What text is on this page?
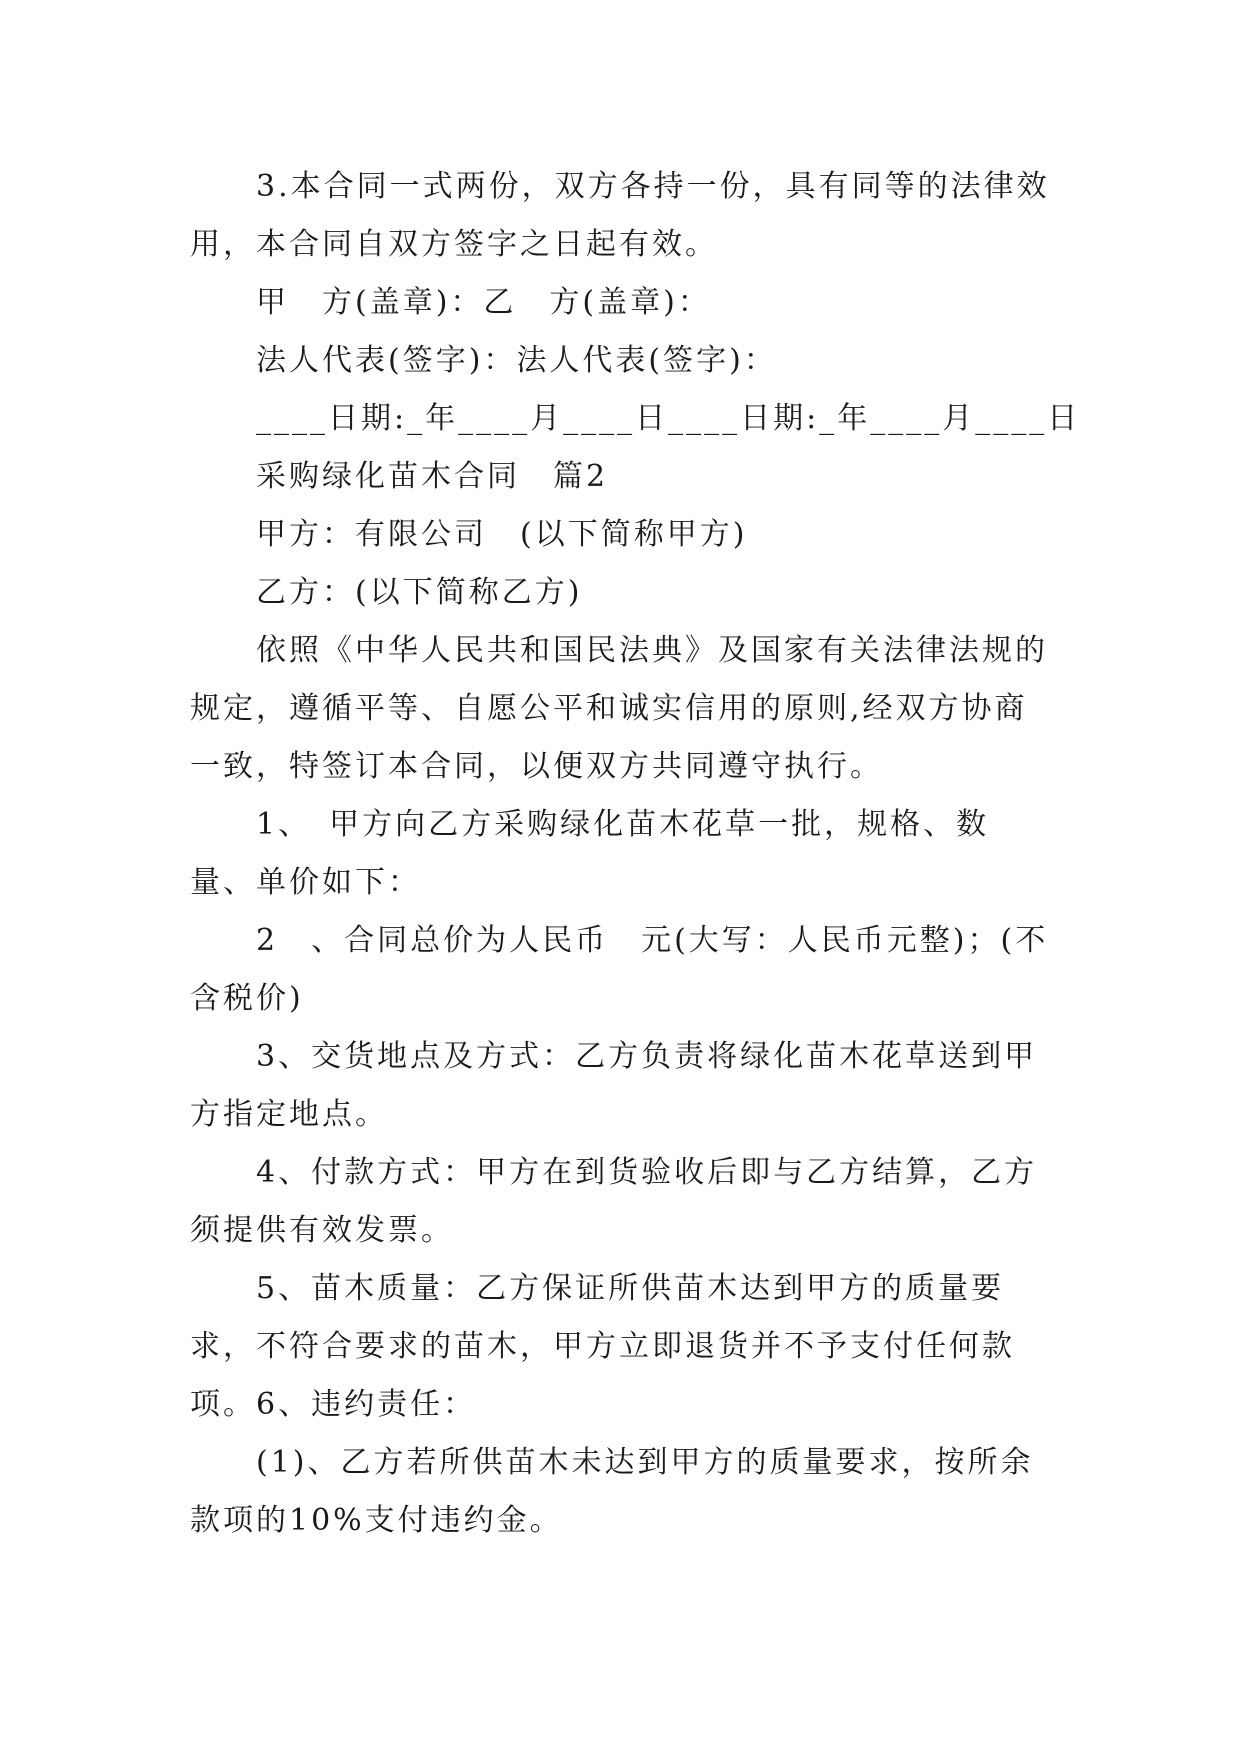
3.本合同一式两份，双方各持一份，具有同等的法律效用，本合同自双方签字之日起有效。

甲　方(盖章)：乙　方(盖章)：

法人代表(签字)：法人代表(签字)：

____日期:_年____月____日____日期:_年____月____日

采购绿化苗木合同　篇2

甲方：有限公司　(以下简称甲方)

乙方：(以下简称乙方)

依照《中华人民共和国民法典》及国家有关法律法规的规定，遵循平等、自愿公平和诚实信用的原则,经双方协商一致，特签订本合同，以便双方共同遵守执行。

1、　甲方向乙方采购绿化苗木花草一批，规格、数量、单价如下：

2　、合同总价为人民币　元(大写：人民币元整)；(不含税价)

3、交货地点及方式：乙方负责将绿化苗木花草送到甲方指定地点。

4、付款方式：甲方在到货验收后即与乙方结算，乙方须提供有效发票。

5、苗木质量：乙方保证所供苗木达到甲方的质量要求，不符合要求的苗木，甲方立即退货并不予支付任何款项。 6、违约责任：

(1)、乙方若所供苗木未达到甲方的质量要求，按所余款项的10%支付违约金。
